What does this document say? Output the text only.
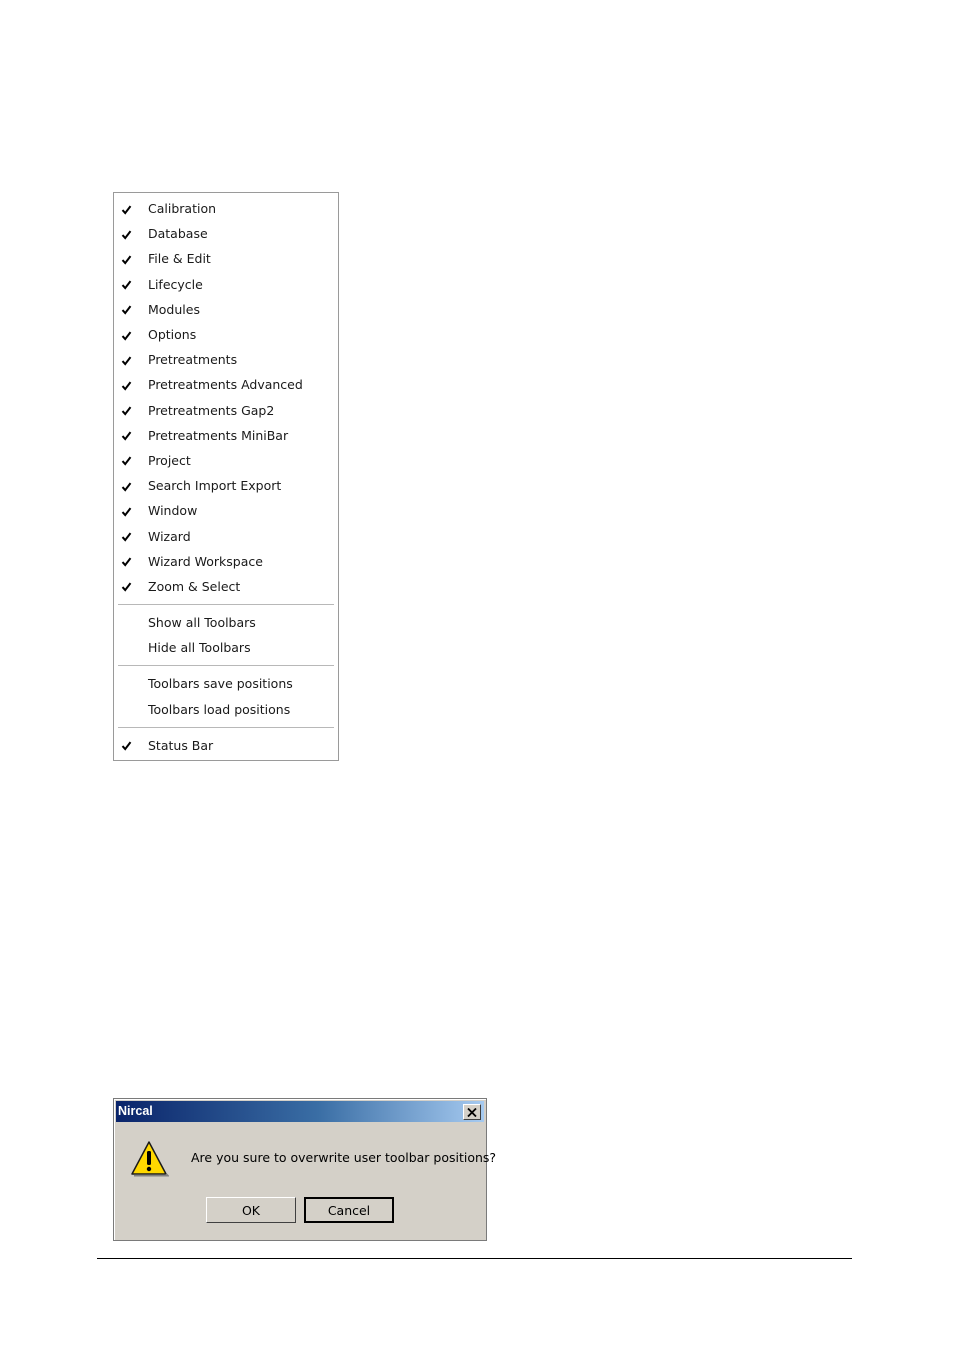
Calibration
Database
File & Edit
Lifecycle
Modules
Options
Pretreatments
Pretreatments Advanced
Pretreatments Gap2
Pretreatments MiniBar
Project
Search Import Export
Window
Wizard
Wizard Workspace
Zoom & Select
Show all Toolbars
Hide all Toolbars
Toolbars save positions
Toolbars load positions
Status Bar
Nircal
Are you sure to overwrite user toolbar positions?
OK	Cancel
